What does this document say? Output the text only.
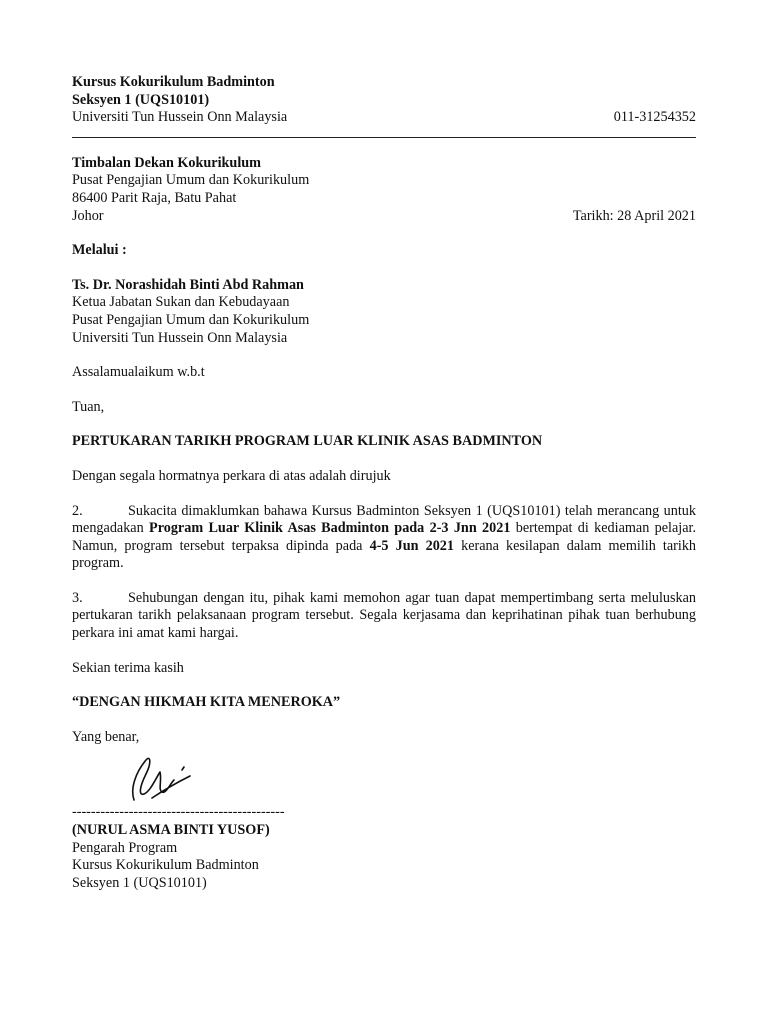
Kursus Kokurikulum Badminton
Seksyen 1 (UQS10101)
Universiti Tun Hussein Onn Malaysia	011-31254352
Timbalan Dekan Kokurikulum
Pusat Pengajian Umum dan Kokurikulum
86400 Parit Raja, Batu Pahat
Johor	Tarikh: 28 April 2021
Melalui :
Ts. Dr. Norashidah Binti Abd Rahman
Ketua Jabatan Sukan dan Kebudayaan
Pusat Pengajian Umum dan Kokurikulum
Universiti Tun Hussein Onn Malaysia
Assalamualaikum w.b.t
Tuan,
PERTUKARAN TARIKH PROGRAM LUAR KLINIK ASAS BADMINTON
Dengan segala hormatnya perkara di atas adalah dirujuk
2.	Sukacita dimaklumkan bahawa Kursus Badminton Seksyen 1 (UQS10101) telah merancang untuk mengadakan Program Luar Klinik Asas Badminton pada 2-3 Jnn 2021 bertempat di kediaman pelajar. Namun, program tersebut terpaksa dipinda pada 4-5 Jun 2021 kerana kesilapan dalam memilih tarikh program.
3.	Sehubungan dengan itu, pihak kami memohon agar tuan dapat mempertimbang serta meluluskan pertukaran tarikh pelaksanaan program tersebut. Segala kerjasama dan keprihatinan pihak tuan berhubung perkara ini amat kami hargai.
Sekian terima kasih
“DENGAN HIKMAH KITA MENEROKA”
Yang benar,
---------------------------------------------
(NURUL ASMA BINTI YUSOF)
Pengarah Program
Kursus Kokurikulum Badminton
Seksyen 1 (UQS10101)
